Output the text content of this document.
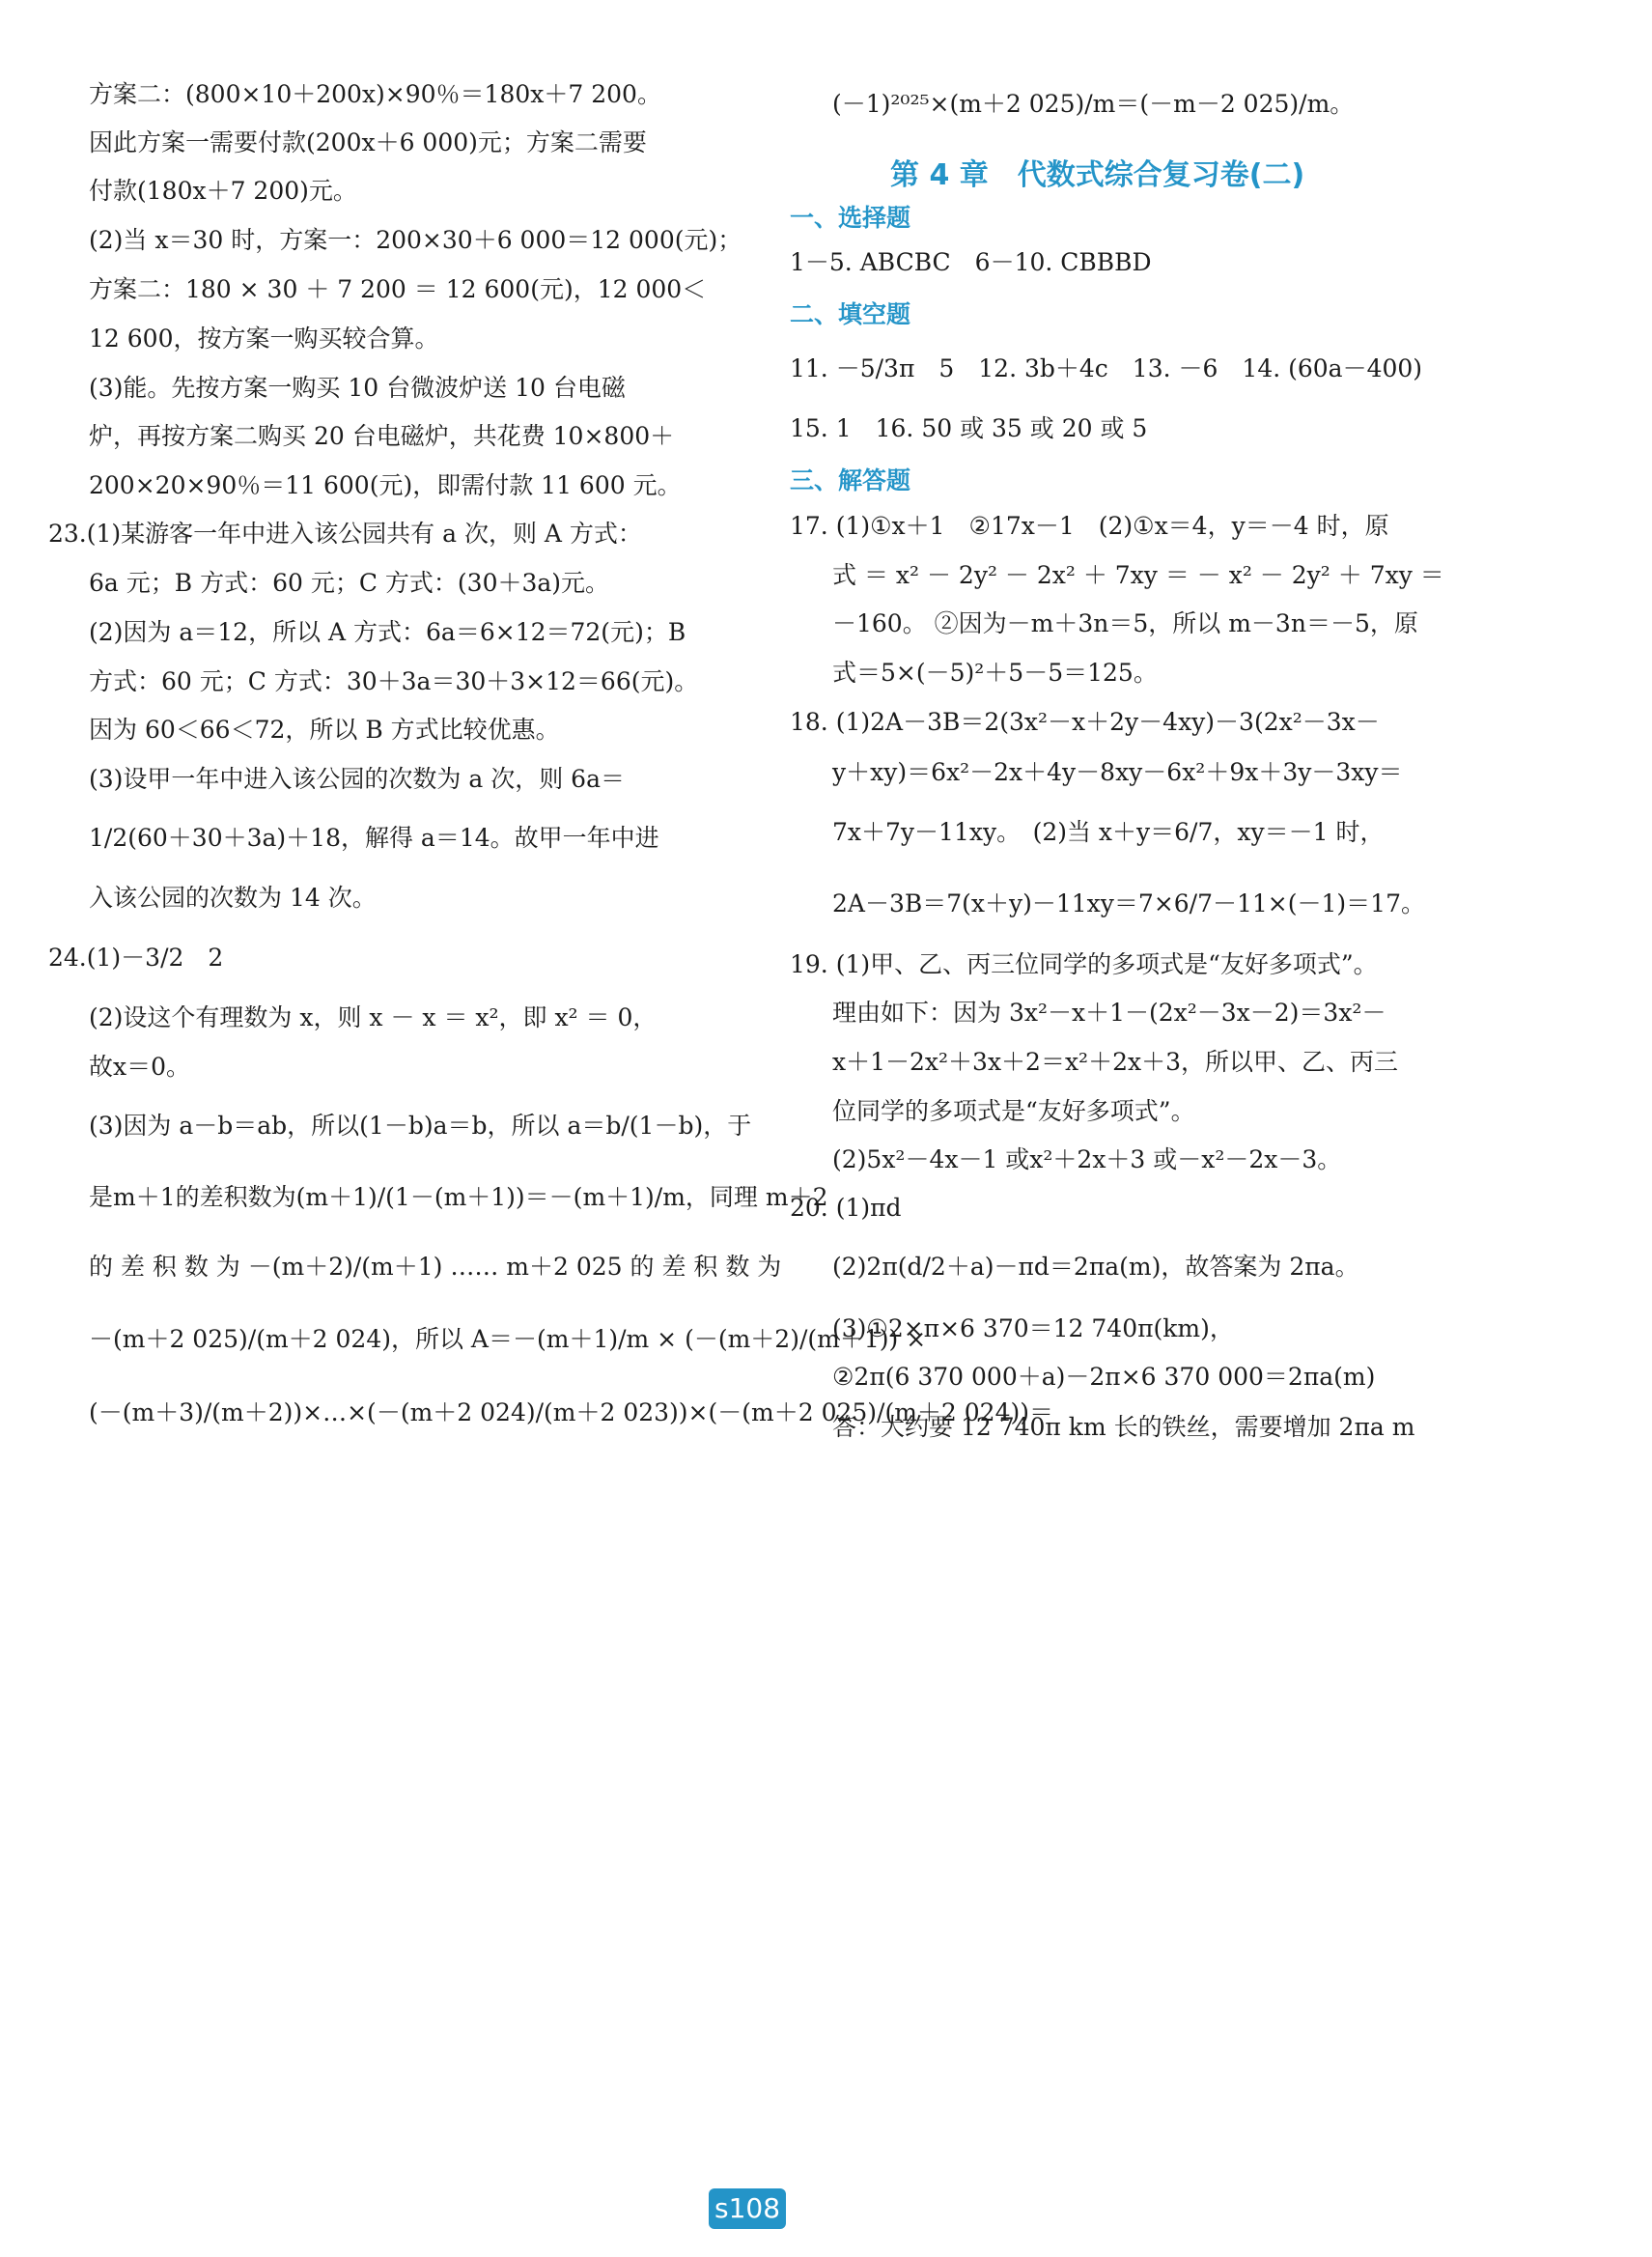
方案二：(800×10＋200x)×90％＝180x＋7 200。
因此方案一需要付款(200x＋6 000)元；方案二需要
付款(180x＋7 200)元。
(2)当 x＝30 时，方案一：200×30＋6 000＝12 000(元)；
方案二：180 × 30 ＋ 7 200 ＝ 12 600(元)，12 000＜
12 600，按方案一购买较合算。
(3)能。先按方案一购买 10 台微波炉送 10 台电磁
炉，再按方案二购买 20 台电磁炉，共花费 10×800＋
200×20×90％＝11 600(元)，即需付款 11 600 元。
23.(1)某游客一年中进入该公园共有 a 次，则 A 方式：
6a 元；B 方式：60 元；C 方式：(30＋3a)元。
(2)因为 a＝12，所以 A 方式：6a＝6×12＝72(元)；B
方式：60 元；C 方式：30＋3a＝30＋3×12＝66(元)。
因为 60＜66＜72，所以 B 方式比较优惠。
(3)设甲一年中进入该公园的次数为 a 次，则 6a＝
1/2(60＋30＋3a)＋18，解得 a＝14。故甲一年中进
入该公园的次数为 14 次。
24.(1)－3/2　2
(2)设这个有理数为 x，则 x － x ＝ x²，即 x² ＝ 0，
故x＝0。
(3)因为 a－b＝ab，所以(1－b)a＝b，所以 a＝b/(1－b)，于
是m＋1的差积数为(m＋1)/(1－(m＋1))＝－(m＋1)/m，同理 m＋2
的 差 积 数 为 －(m＋2)/(m＋1) …… m＋2 025 的 差 积 数 为
－(m＋2 025)/(m＋2 024)，所以 A＝－(m＋1)/m × (－(m＋2)/(m＋1)) ×
(－(m＋3)/(m＋2))×…×(－(m＋2 024)/(m＋2 023))×(－(m＋2 025)/(m＋2 024))＝
(－1)²⁰²⁵×(m＋2 025)/m＝(－m－2 025)/m。
第 4 章　代数式综合复习卷(二)
一、选择题
1－5. ABCBC　6－10. CBBBD
二、填空题
11. －5/3π　5　12. 3b＋4c　13. －6　14. (60a－400)
15. 1　16. 50 或 35 或 20 或 5
三、解答题
17. (1)①x＋1　②17x－1　(2)①x＝4，y＝－4 时，原
式 ＝ x² － 2y² － 2x² ＋ 7xy ＝ － x² － 2y² ＋ 7xy ＝
－160。 ②因为－m＋3n＝5，所以 m－3n＝－5，原
式＝5×(－5)²＋5－5＝125。
18. (1)2A－3B＝2(3x²－x＋2y－4xy)－3(2x²－3x－
y＋xy)＝6x²－2x＋4y－8xy－6x²＋9x＋3y－3xy＝
7x＋7y－11xy。　(2)当 x＋y＝6/7，xy＝－1 时，
2A－3B＝7(x＋y)－11xy＝7×6/7－11×(－1)＝17。
19. (1)甲、乙、丙三位同学的多项式是“友好多项式”。
理由如下：因为 3x²－x＋1－(2x²－3x－2)＝3x²－
x＋1－2x²＋3x＋2＝x²＋2x＋3，所以甲、乙、丙三
位同学的多项式是“友好多项式”。
(2)5x²－4x－1 或x²＋2x＋3 或－x²－2x－3。
20. (1)πd
(2)2π(d/2＋a)－πd＝2πa(m)，故答案为 2πa。
(3)①2×π×6 370＝12 740π(km)，
②2π(6 370 000＋a)－2π×6 370 000＝2πa(m)
答：大约要 12 740π km 长的铁丝，需要增加 2πa m
s108
